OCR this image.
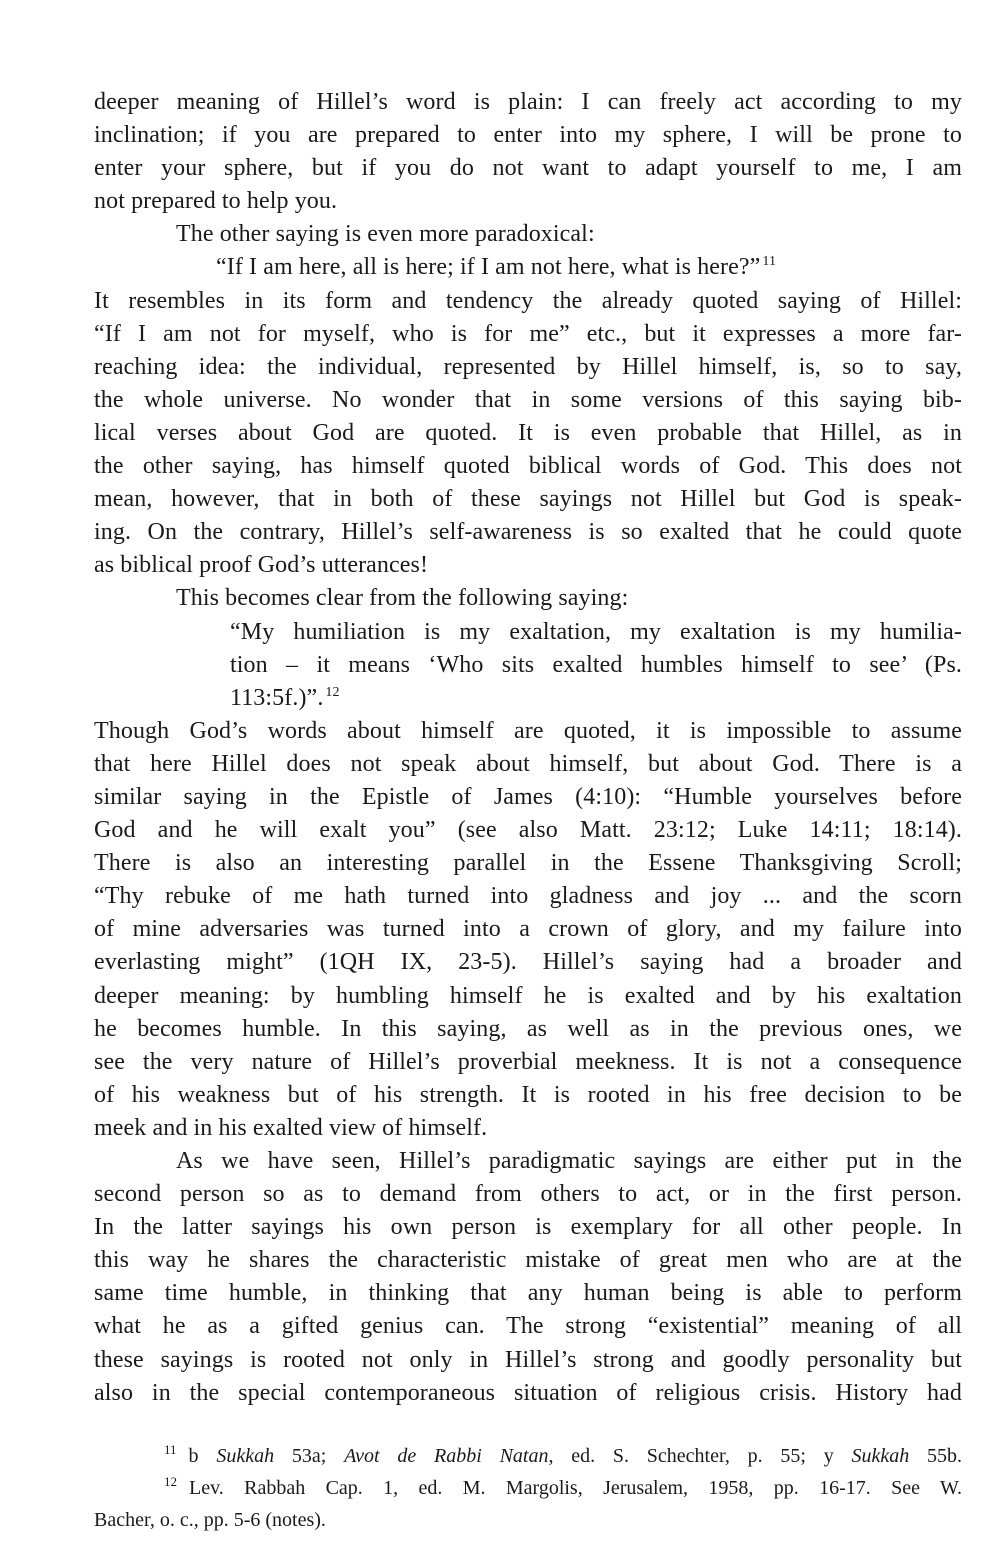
deeper meaning of Hillel’s word is plain: I can freely act according to my
inclination; if you are prepared to enter into my sphere, I will be prone to
enter your sphere, but if you do not want to adapt yourself to me, I am
not prepared to help you.
The other saying is even more paradoxical:
“If I am here, all is here; if I am not here, what is here?” $^{11}$
It resembles in its form and tendency the already quoted saying of Hillel:
“If I am not for myself, who is for me” etc., but it expresses a more far-
reaching idea: the individual, represented by Hillel himself, is, so to say,
the whole universe. No wonder that in some versions of this saying bib-
lical verses about God are quoted. It is even probable that Hillel, as in
the other saying, has himself quoted biblical words of God. This does not
mean, however, that in both of these sayings not Hillel but God is speak-
ing. On the contrary, Hillel’s self-awareness is so exalted that he could quote
as biblical proof God’s utterances!
This becomes clear from the following saying:
“My humiliation is my exaltation, my exaltation is my humilia-
tion – it means ‘Who sits exalted humbles himself to see’ (Ps.
113:5f.)”. $^{12}$
Though God’s words about himself are quoted, it is impossible to assume
that here Hillel does not speak about himself, but about God. There is a
similar saying in the Epistle of James (4:10): “Humble yourselves before
God and he will exalt you” (see also Matt. 23:12; Luke 14:11; 18:14).
There is also an interesting parallel in the Essene Thanksgiving Scroll;
“Thy rebuke of me hath turned into gladness and joy ... and the scorn
of mine adversaries was turned into a crown of glory, and my failure into
everlasting might” (1QH IX, 23-5). Hillel’s saying had a broader and
deeper meaning: by humbling himself he is exalted and by his exaltation
he becomes humble. In this saying, as well as in the previous ones, we
see the very nature of Hillel’s proverbial meekness. It is not a consequence
of his weakness but of his strength. It is rooted in his free decision to be
meek and in his exalted view of himself.
As we have seen, Hillel’s paradigmatic sayings are either put in the
second person so as to demand from others to act, or in the first person.
In the latter sayings his own person is exemplary for all other people. In
this way he shares the characteristic mistake of great men who are at the
same time humble, in thinking that any human being is able to perform
what he as a gifted genius can. The strong “existential” meaning of all
these sayings is rooted not only in Hillel’s strong and goodly personality but
also in the special contemporaneous situation of religious crisis. History had
$^{11}$ b Sukkah 53a; Avot de Rabbi Natan, ed. S. Schechter, p. 55; y Sukkah 55b.
$^{12}$ Lev. Rabbah Cap. 1, ed. M. Margolis, Jerusalem, 1958, pp. 16-17. See W.
Bacher, o. c., pp. 5-6 (notes).
